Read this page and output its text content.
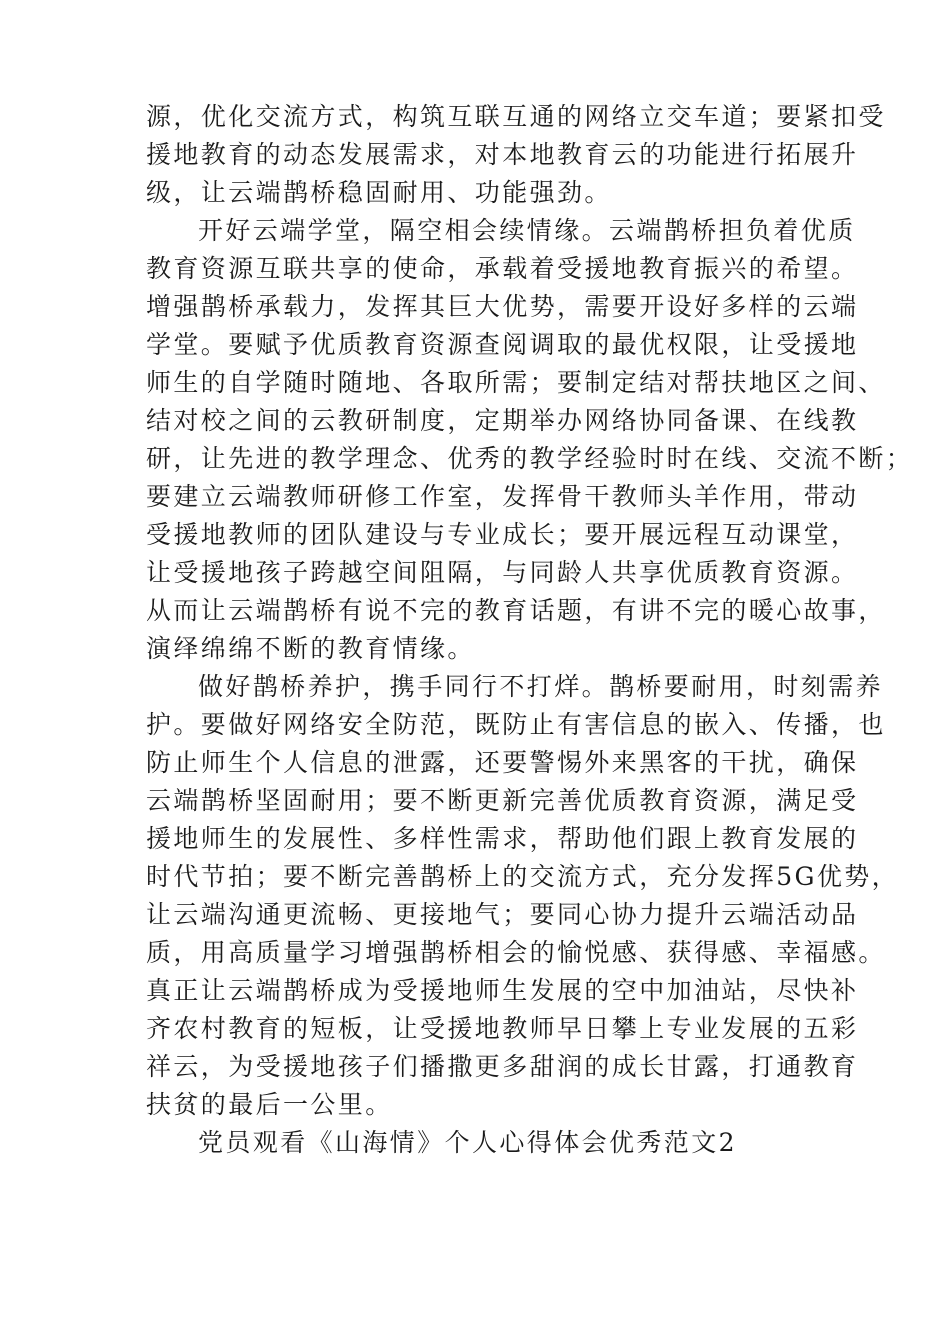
源，优化交流方式，构筑互联互通的网络立交车道；要紧扣受
援地教育的动态发展需求，对本地教育云的功能进行拓展升
级，让云端鹊桥稳固耐用、功能强劲。
开好云端学堂，隔空相会续情缘。云端鹊桥担负着优质
教育资源互联共享的使命，承载着受援地教育振兴的希望。
增强鹊桥承载力，发挥其巨大优势，需要开设好多样的云端
学堂。要赋予优质教育资源查阅调取的最优权限，让受援地
师生的自学随时随地、各取所需；要制定结对帮扶地区之间、
结对校之间的云教研制度，定期举办网络协同备课、在线教
研，让先进的教学理念、优秀的教学经验时时在线、交流不断；
要建立云端教师研修工作室，发挥骨干教师头羊作用，带动
受援地教师的团队建设与专业成长；要开展远程互动课堂，
让受援地孩子跨越空间阻隔，与同龄人共享优质教育资源。
从而让云端鹊桥有说不完的教育话题，有讲不完的暖心故事，
演绎绵绵不断的教育情缘。
做好鹊桥养护，携手同行不打烊。鹊桥要耐用，时刻需养
护。要做好网络安全防范，既防止有害信息的嵌入、传播，也
防止师生个人信息的泄露，还要警惕外来黑客的干扰，确保
云端鹊桥坚固耐用；要不断更新完善优质教育资源，满足受
援地师生的发展性、多样性需求，帮助他们跟上教育发展的
时代节拍；要不断完善鹊桥上的交流方式，充分发挥5G优势，
让云端沟通更流畅、更接地气；要同心协力提升云端活动品
质，用高质量学习增强鹊桥相会的愉悦感、获得感、幸福感。
真正让云端鹊桥成为受援地师生发展的空中加油站，尽快补
齐农村教育的短板，让受援地教师早日攀上专业发展的五彩
祥云，为受援地孩子们播撒更多甜润的成长甘露，打通教育
扶贫的最后一公里。
党员观看《山海情》个人心得体会优秀范文2
